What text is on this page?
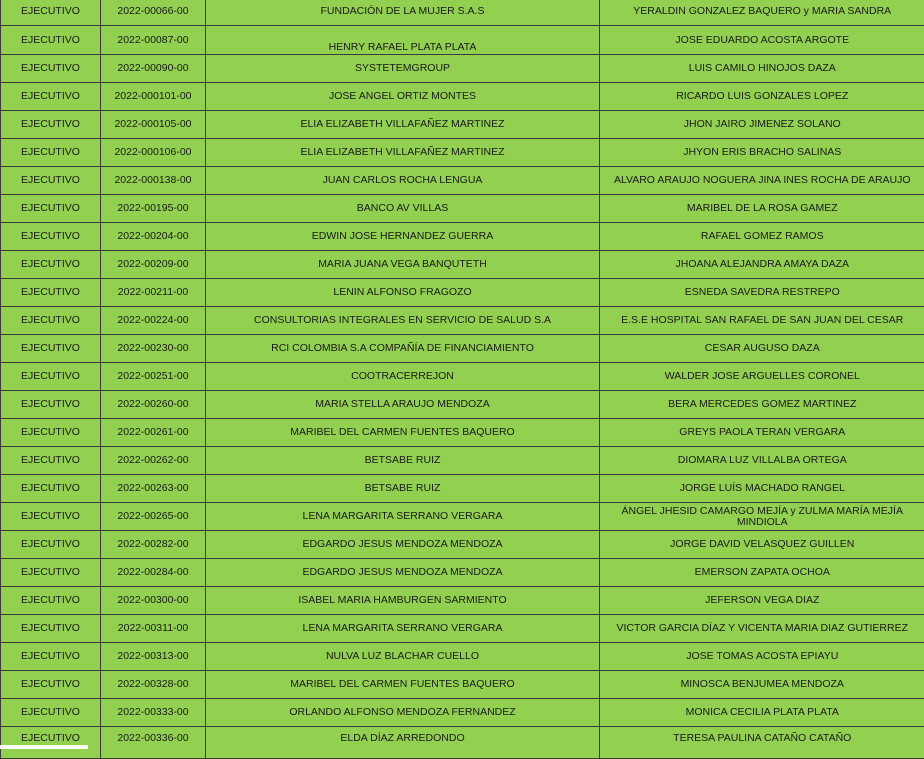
EJECUTIVO	2022-00066-00	FUNDACIÓN DE LA MUJER S.A.S	YERALDIN GONZALEZ BAQUERO y MARIA SANDRA
EJECUTIVO	2022-00087-00	HENRY RAFAEL PLATA PLATA	JOSE EDUARDO ACOSTA ARGOTE
EJECUTIVO	2022-00090-00	SYSTETEMGROUP	LUIS CAMILO HINOJOS DAZA
EJECUTIVO	2022-000101-00	JOSE ANGEL ORTIZ MONTES	RICARDO LUIS GONZALES LOPEZ
EJECUTIVO	2022-000105-00	ELIA ELIZABETH VILLAFAÑEZ MARTINEZ	JHON JAIRO JIMENEZ SOLANO
EJECUTIVO	2022-000106-00	ELIA ELIZABETH VILLAFAÑEZ MARTINEZ	JHYON ERIS BRACHO SALINAS
EJECUTIVO	2022-000138-00	JUAN CARLOS ROCHA LENGUA	ALVARO ARAUJO NOGUERA JINA INES ROCHA DE ARAUJO
EJECUTIVO	2022-00195-00	BANCO AV VILLAS	MARIBEL DE LA ROSA GAMEZ
EJECUTIVO	2022-00204-00	EDWIN JOSE HERNANDEZ GUERRA	RAFAEL GOMEZ RAMOS
EJECUTIVO	2022-00209-00	MARIA JUANA VEGA BANQUTETH	JHOANA ALEJANDRA AMAYA DAZA
EJECUTIVO	2022-00211-00	LENIN ALFONSO FRAGOZO	ESNEDA SAVEDRA RESTREPO
EJECUTIVO	2022-00224-00	CONSULTORIAS INTEGRALES EN SERVICIO DE SALUD S.A	E.S.E HOSPITAL SAN RAFAEL DE SAN JUAN DEL CESAR
EJECUTIVO	2022-00230-00	RCI COLOMBIA S.A COMPAÑÍA DE FINANCIAMIENTO	CESAR AUGUSO DAZA
EJECUTIVO	2022-00251-00	COOTRACERREJON	WALDER JOSE ARGUELLES CORONEL
EJECUTIVO	2022-00260-00	MARIA STELLA ARAUJO MENDOZA	BERA MERCEDES GOMEZ MARTINEZ
EJECUTIVO	2022-00261-00	MARIBEL DEL CARMEN FUENTES BAQUERO	GREYS PAOLA TERAN VERGARA
EJECUTIVO	2022-00262-00	BETSABE RUIZ	DIOMARA LUZ VILLALBA ORTEGA
EJECUTIVO	2022-00263-00	BETSABE RUIZ	JORGE LUÍS MACHADO RANGEL
EJECUTIVO	2022-00265-00	LENA MARGARITA SERRANO VERGARA	ÁNGEL JHESID CAMARGO MEJÍA y ZULMA MARÍA MEJÍA MINDIOLA
EJECUTIVO	2022-00282-00	EDGARDO JESUS MENDOZA MENDOZA	JORGE DAVID VELASQUEZ GUILLEN
EJECUTIVO	2022-00284-00	EDGARDO JESUS MENDOZA MENDOZA	EMERSON ZAPATA OCHOA
EJECUTIVO	2022-00300-00	ISABEL MARIA HAMBURGEN SARMIENTO	JEFERSON VEGA DIAZ
EJECUTIVO	2022-00311-00	LENA MARGARITA SERRANO VERGARA	VICTOR GARCIA DÍAZ Y VICENTA MARIA DIAZ GUTIERREZ
EJECUTIVO	2022-00313-00	NULVA LUZ BLACHAR CUELLO	JOSE TOMAS ACOSTA EPIAYU
EJECUTIVO	2022-00328-00	MARIBEL DEL CARMEN FUENTES BAQUERO	MINOSCA BENJUMEA MENDOZA
EJECUTIVO	2022-00333-00	ORLANDO ALFONSO MENDOZA FERNANDEZ	MONICA CECILIA PLATA PLATA
EJECUTIVO	2022-00336-00	ELDA DÍAZ ARREDONDO	TERESA PAULINA CATAÑO CATAÑO
